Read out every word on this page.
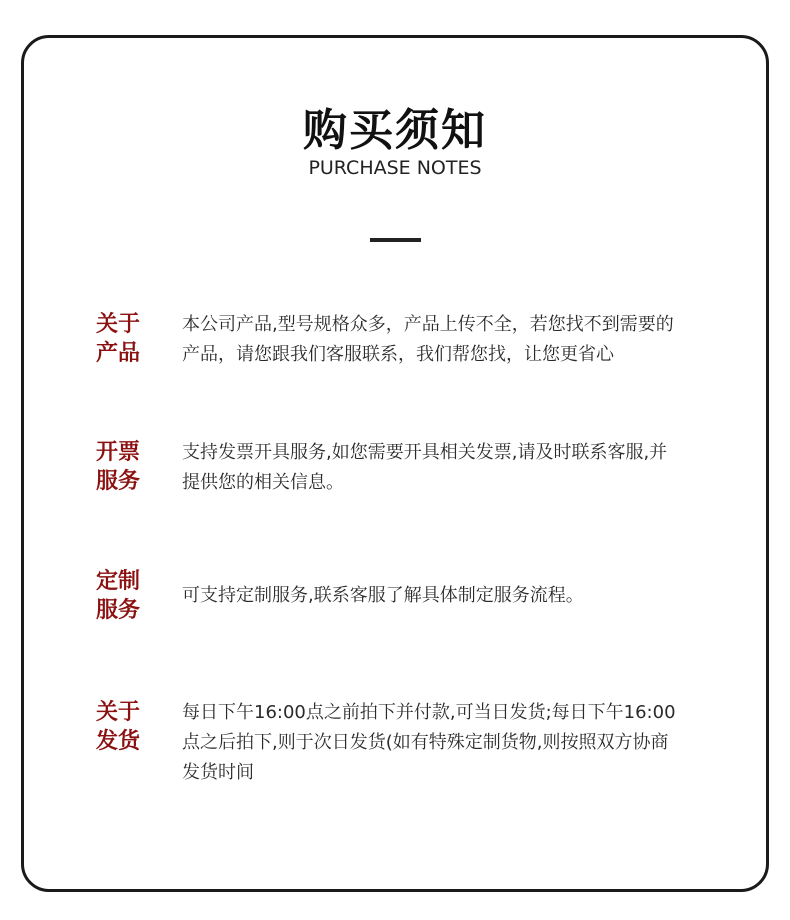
购买须知
PURCHASE NOTES
关于
产品
本公司产品,型号规格众多，产品上传不全，若您找不到需要的
产品，请您跟我们客服联系，我们帮您找，让您更省心
开票
服务
支持发票开具服务,如您需要开具相关发票,请及时联系客服,并
提供您的相关信息。
定制
服务
可支持定制服务,联系客服了解具体制定服务流程。
关于
发货
每日下午16:00点之前拍下并付款,可当日发货;每日下午16:00
点之后拍下,则于次日发货(如有特殊定制货物,则按照双方协商
发货时间
